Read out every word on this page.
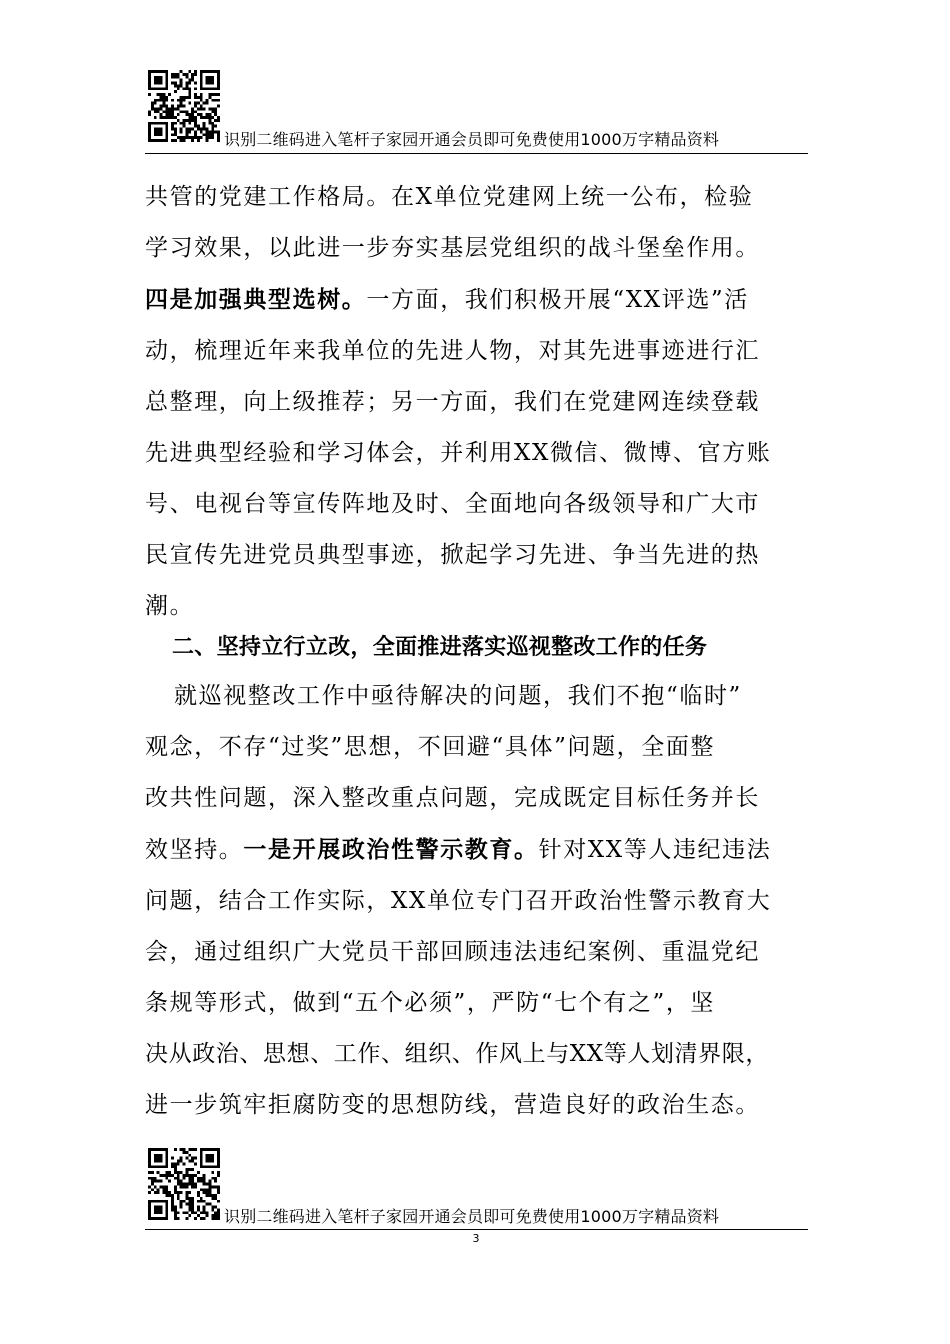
识别二维码进入笔杆子家园开通会员即可免费使用1000万字精品资料

共管的党建工作格局。在X单位党建网上统一公布，检验

学习效果，以此进一步夯实基层党组织的战斗堡垒作用。

四是加强典型选树。一方面，我们积极开展“XX评选”活

动，梳理近年来我单位的先进人物，对其先进事迹进行汇

总整理，向上级推荐；另一方面，我们在党建网连续登载

先进典型经验和学习体会，并利用XX微信、微博、官方账

号、电视台等宣传阵地及时、全面地向各级领导和广大市

民宣传先进党员典型事迹，掀起学习先进、争当先进的热

潮。

二、坚持立行立改，全面推进落实巡视整改工作的任务

就巡视整改工作中亟待解决的问题，我们不抱“临时”

观念，不存“过奖”思想，不回避“具体”问题，全面整

改共性问题，深入整改重点问题，完成既定目标任务并长

效坚持。一是开展政治性警示教育。针对XX等人违纪违法

问题，结合工作实际，XX单位专门召开政治性警示教育大

会，通过组织广大党员干部回顾违法违纪案例、重温党纪

条规等形式，做到“五个必须”，严防“七个有之”，坚

决从政治、思想、工作、组织、作风上与XX等人划清界限，

进一步筑牢拒腐防变的思想防线，营造良好的政治生态。

识别二维码进入笔杆子家园开通会员即可免费使用1000万字精品资料
3
